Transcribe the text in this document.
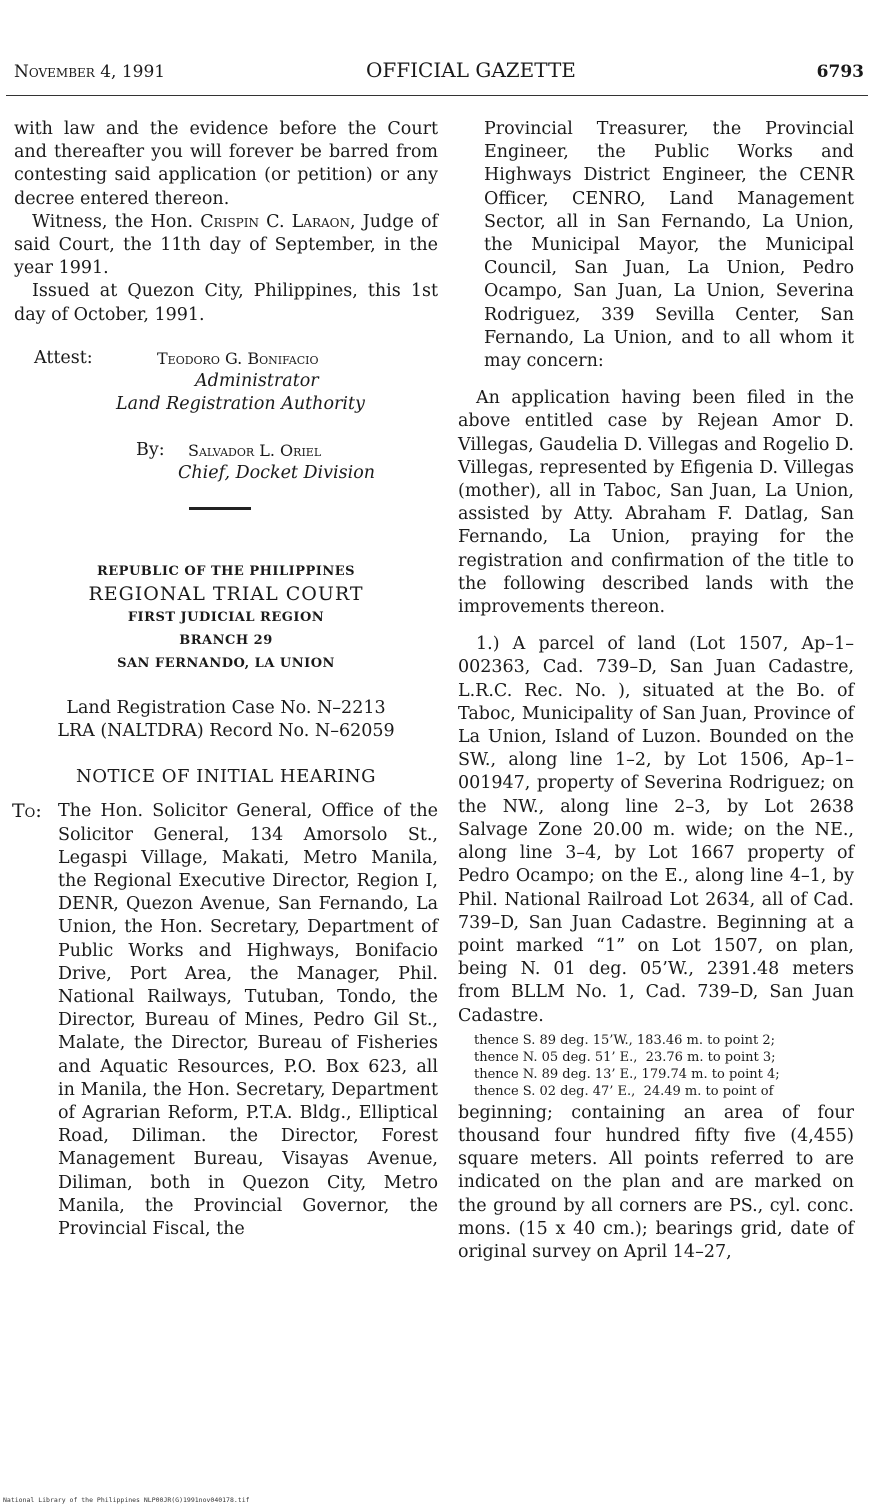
November 4, 1991	OFFICIAL GAZETTE	6793

with law and the evidence before the Court and thereafter you will forever be barred from contesting said application (or petition) or any decree entered thereon.

Witness, the Hon. Crispin C. Laraon, Judge of said Court, the 11th day of September, in the year 1991.

Issued at Quezon City, Philippines, this 1st day of October, 1991.

Attest:	Teodoro G. Bonifacio
Administrator
Land Registration Authority
By: Salvador L. Oriel
Chief, Docket Division
REPUBLIC OF THE PHILIPPINES
REGIONAL TRIAL COURT
FIRST JUDICIAL REGION
BRANCH 29
SAN FERNANDO, LA UNION

Land Registration Case No. N–2213

LRA (NALTDRA) Record No. N–62059

NOTICE OF INITIAL HEARING

To: The Hon. Solicitor General, Office of the Solicitor General, 134 Amorsolo St., Legaspi Village, Makati, Metro Manila, the Regional Executive Director, Region I, DENR, Quezon Avenue, San Fernando, La Union, the Hon. Secretary, Department of Public Works and Highways, Bonifacio Drive, Port Area, the Manager, Phil. National Railways, Tutuban, Tondo, the Director, Bureau of Mines, Pedro Gil St., Malate, the Director, Bureau of Fisheries and Aquatic Resources, P.O. Box 623, all in Manila, the Hon. Secretary, Department of Agrarian Reform, P.T.A. Bldg., Elliptical Road, Diliman. the Director, Forest Management Bureau, Visayas Avenue, Diliman, both in Quezon City, Metro Manila, the Provincial Governor, the Provincial Fiscal, the

Provincial Treasurer, the Provincial Engineer, the Public Works and Highways District Engineer, the CENR Officer, CENRO, Land Management Sector, all in San Fernando, La Union, the Municipal Mayor, the Municipal Council, San Juan, La Union, Pedro Ocampo, San Juan, La Union, Severina Rodriguez, 339 Sevilla Center, San Fernando, La Union, and to all whom it may concern:

An application having been filed in the above entitled case by Rejean Amor D. Villegas, Gaudelia D. Villegas and Rogelio D. Villegas, represented by Efigenia D. Villegas (mother), all in Taboc, San Juan, La Union, assisted by Atty. Abraham F. Datlag, San Fernando, La Union, praying for the registration and confirmation of the title to the following described lands with the improvements thereon.

1.) A parcel of land (Lot 1507, Ap–1–002363, Cad. 739–D, San Juan Cadastre, L.R.C. Rec. No. ), situated at the Bo. of Taboc, Municipality of San Juan, Province of La Union, Island of Luzon. Bounded on the SW., along line 1–2, by Lot 1506, Ap–1–001947, property of Severina Rodriguez; on the NW., along line 2–3, by Lot 2638 Salvage Zone 20.00 m. wide; on the NE., along line 3–4, by Lot 1667 property of Pedro Ocampo; on the E., along line 4–1, by Phil. National Railroad Lot 2634, all of Cad. 739–D, San Juan Cadastre. Beginning at a point marked “1” on Lot 1507, on plan, being N. 01 deg. 05’W., 2391.48 meters from BLLM No. 1, Cad. 739–D, San Juan Cadastre.

thence S. 89 deg. 15’W., 183.46 m. to point 2;
thence N. 05 deg. 51’ E.,  23.76 m. to point 3;
thence N. 89 deg. 13’ E., 179.74 m. to point 4;
thence S. 02 deg. 47’ E.,  24.49 m. to point of

beginning; containing an area of four thousand four hundred fifty five (4,455) square meters. All points referred to are indicated on the plan and are marked on the ground by all corners are PS., cyl. conc. mons. (15 x 40 cm.); bearings grid, date of original survey on April 14–27,

National Library of the Philippines NLP00JR(G)1991nov040178.tif
